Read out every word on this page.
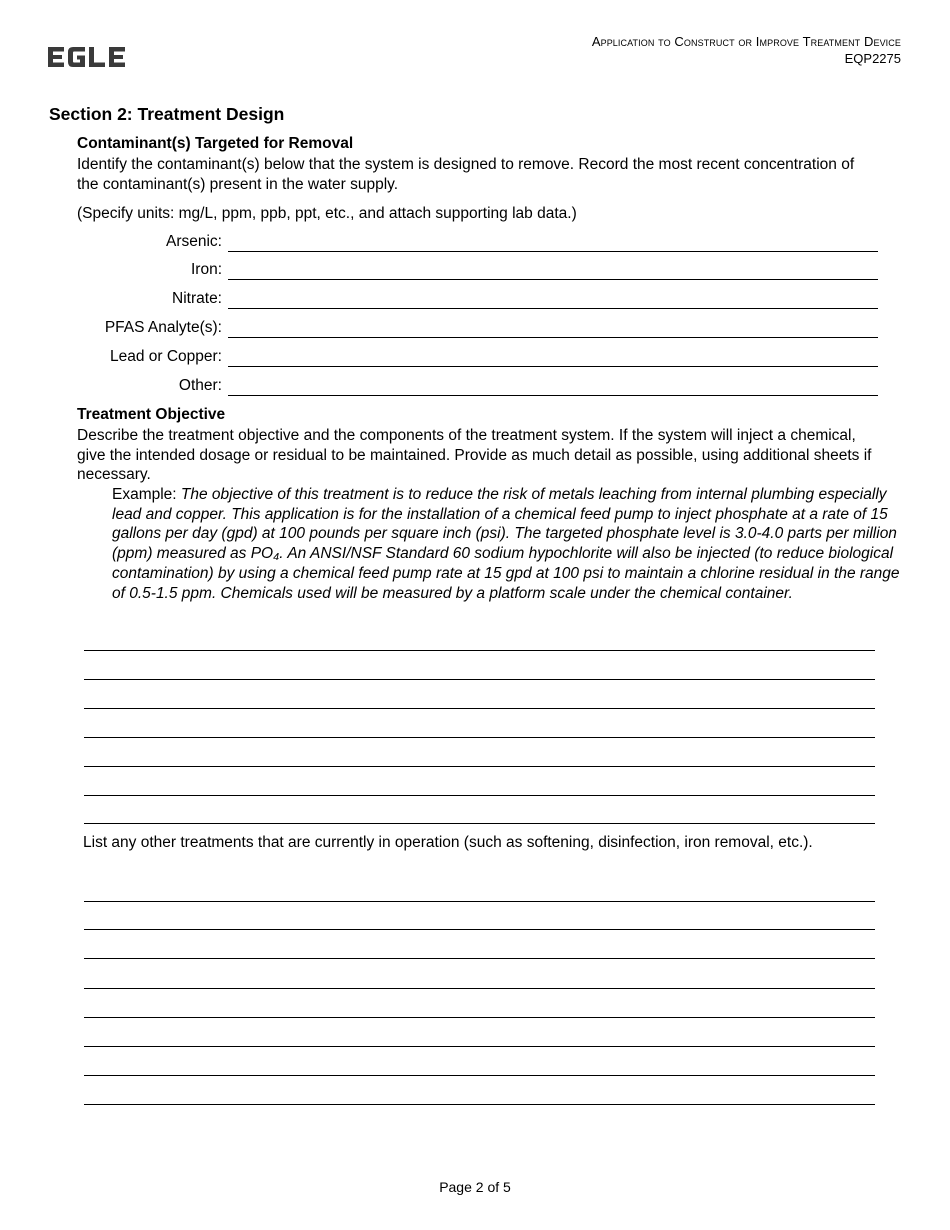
Application to Construct or Improve Treatment Device
EQP2275
Section 2: Treatment Design
Contaminant(s) Targeted for Removal
Identify the contaminant(s) below that the system is designed to remove. Record the most recent concentration of the contaminant(s) present in the water supply.
(Specify units: mg/L, ppm, ppb, ppt, etc., and attach supporting lab data.)
Arsenic:
Iron:
Nitrate:
PFAS Analyte(s):
Lead or Copper:
Other:
Treatment Objective
Describe the treatment objective and the components of the treatment system. If the system will inject a chemical, give the intended dosage or residual to be maintained. Provide as much detail as possible, using additional sheets if necessary.
Example: The objective of this treatment is to reduce the risk of metals leaching from internal plumbing especially lead and copper. This application is for the installation of a chemical feed pump to inject phosphate at a rate of 15 gallons per day (gpd) at 100 pounds per square inch (psi). The targeted phosphate level is 3.0-4.0 parts per million (ppm) measured as PO₄. An ANSI/NSF Standard 60 sodium hypochlorite will also be injected (to reduce biological contamination) by using a chemical feed pump rate at 15 gpd at 100 psi to maintain a chlorine residual in the range of 0.5-1.5 ppm. Chemicals used will be measured by a platform scale under the chemical container.
List any other treatments that are currently in operation (such as softening, disinfection, iron removal, etc.).
Page 2 of 5
